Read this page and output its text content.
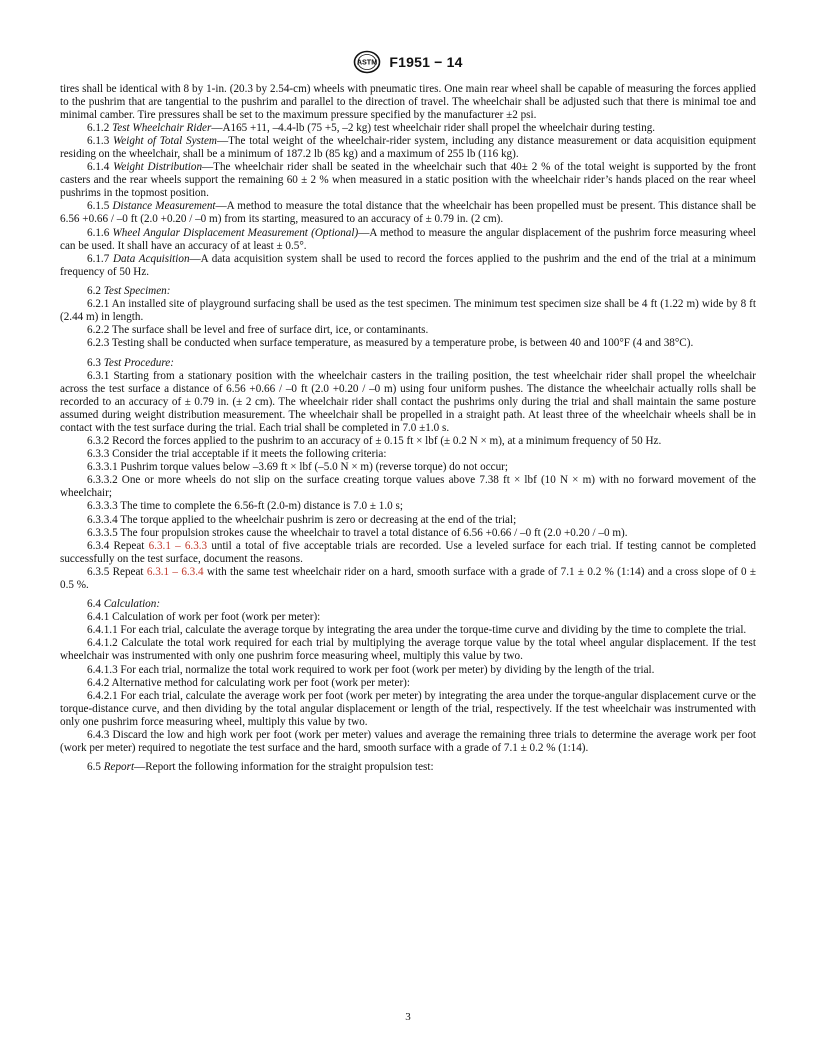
ASTM F1951 − 14

tires shall be identical with 8 by 1-in. (20.3 by 2.54-cm) wheels with pneumatic tires. One main rear wheel shall be capable of measuring the forces applied to the pushrim that are tangential to the pushrim and parallel to the direction of travel. The wheelchair shall be adjusted such that there is minimal toe and minimal camber. Tire pressures shall be set to the maximum pressure specified by the manufacturer ±2 psi.

6.1.2 Test Wheelchair Rider—A165 +11, –4.4-lb (75 +5, –2 kg) test wheelchair rider shall propel the wheelchair during testing.

6.1.3 Weight of Total System—The total weight of the wheelchair-rider system, including any distance measurement or data acquisition equipment residing on the wheelchair, shall be a minimum of 187.2 lb (85 kg) and a maximum of 255 lb (116 kg).

6.1.4 Weight Distribution—The wheelchair rider shall be seated in the wheelchair such that 40± 2 % of the total weight is supported by the front casters and the rear wheels support the remaining 60 ± 2 % when measured in a static position with the wheelchair rider’s hands placed on the rear wheel pushrims in the topmost position.

6.1.5 Distance Measurement—A method to measure the total distance that the wheelchair has been propelled must be present. This distance shall be 6.56 +0.66 / –0 ft (2.0 +0.20 / –0 m) from its starting, measured to an accuracy of ± 0.79 in. (2 cm).

6.1.6 Wheel Angular Displacement Measurement (Optional)—A method to measure the angular displacement of the pushrim force measuring wheel can be used. It shall have an accuracy of at least ± 0.5°.

6.1.7 Data Acquisition—A data acquisition system shall be used to record the forces applied to the pushrim and the end of the trial at a minimum frequency of 50 Hz.

6.2 Test Specimen:

6.2.1 An installed site of playground surfacing shall be used as the test specimen. The minimum test specimen size shall be 4 ft (1.22 m) wide by 8 ft (2.44 m) in length.

6.2.2 The surface shall be level and free of surface dirt, ice, or contaminants.

6.2.3 Testing shall be conducted when surface temperature, as measured by a temperature probe, is between 40 and 100°F (4 and 38°C).

6.3 Test Procedure:

6.3.1 Starting from a stationary position with the wheelchair casters in the trailing position, the test wheelchair rider shall propel the wheelchair across the test surface a distance of 6.56 +0.66 / –0 ft (2.0 +0.20 / –0 m) using four uniform pushes. The distance the wheelchair actually rolls shall be recorded to an accuracy of ± 0.79 in. (± 2 cm). The wheelchair rider shall contact the pushrims only during the trial and shall maintain the same posture assumed during weight distribution measurement. The wheelchair shall be propelled in a straight path. At least three of the wheelchair wheels shall be in contact with the test surface during the trial. Each trial shall be completed in 7.0 ±1.0 s.

6.3.2 Record the forces applied to the pushrim to an accuracy of ± 0.15 ft × lbf (± 0.2 N × m), at a minimum frequency of 50 Hz.

6.3.3 Consider the trial acceptable if it meets the following criteria:

6.3.3.1 Pushrim torque values below –3.69 ft × lbf (–5.0 N × m) (reverse torque) do not occur;

6.3.3.2 One or more wheels do not slip on the surface creating torque values above 7.38 ft × lbf (10 N × m) with no forward movement of the wheelchair;

6.3.3.3 The time to complete the 6.56-ft (2.0-m) distance is 7.0 ± 1.0 s;

6.3.3.4 The torque applied to the wheelchair pushrim is zero or decreasing at the end of the trial;

6.3.3.5 The four propulsion strokes cause the wheelchair to travel a total distance of 6.56 +0.66 / –0 ft (2.0 +0.20 / –0 m).

6.3.4 Repeat 6.3.1 – 6.3.3 until a total of five acceptable trials are recorded. Use a leveled surface for each trial. If testing cannot be completed successfully on the test surface, document the reasons.

6.3.5 Repeat 6.3.1 – 6.3.4 with the same test wheelchair rider on a hard, smooth surface with a grade of 7.1 ± 0.2 % (1:14) and a cross slope of 0 ± 0.5 %.

6.4 Calculation:

6.4.1 Calculation of work per foot (work per meter):

6.4.1.1 For each trial, calculate the average torque by integrating the area under the torque-time curve and dividing by the time to complete the trial.

6.4.1.2 Calculate the total work required for each trial by multiplying the average torque value by the total wheel angular displacement. If the test wheelchair was instrumented with only one pushrim force measuring wheel, multiply this value by two.

6.4.1.3 For each trial, normalize the total work required to work per foot (work per meter) by dividing by the length of the trial.

6.4.2 Alternative method for calculating work per foot (work per meter):

6.4.2.1 For each trial, calculate the average work per foot (work per meter) by integrating the area under the torque-angular displacement curve or the torque-distance curve, and then dividing by the total angular displacement or length of the trial, respectively. If the test wheelchair was instrumented with only one pushrim force measuring wheel, multiply this value by two.

6.4.3 Discard the low and high work per foot (work per meter) values and average the remaining three trials to determine the average work per foot (work per meter) required to negotiate the test surface and the hard, smooth surface with a grade of 7.1 ± 0.2 % (1:14).

6.5 Report—Report the following information for the straight propulsion test:

3
